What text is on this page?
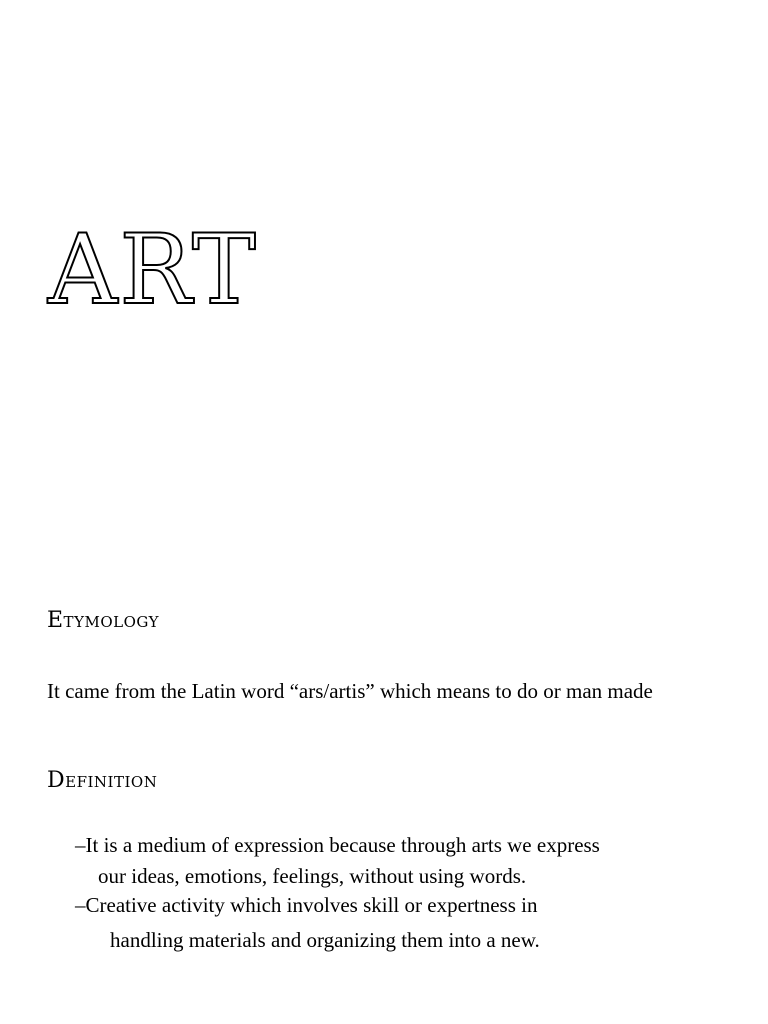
ART
Etymology

It came from the Latin word “ars/artis” which means to do or man made

Definition

–It is a medium of expression because through arts we express

our ideas, emotions, feelings, without using words.

–Creative activity which involves skill or expertness in

handling materials and organizing them into a new.
